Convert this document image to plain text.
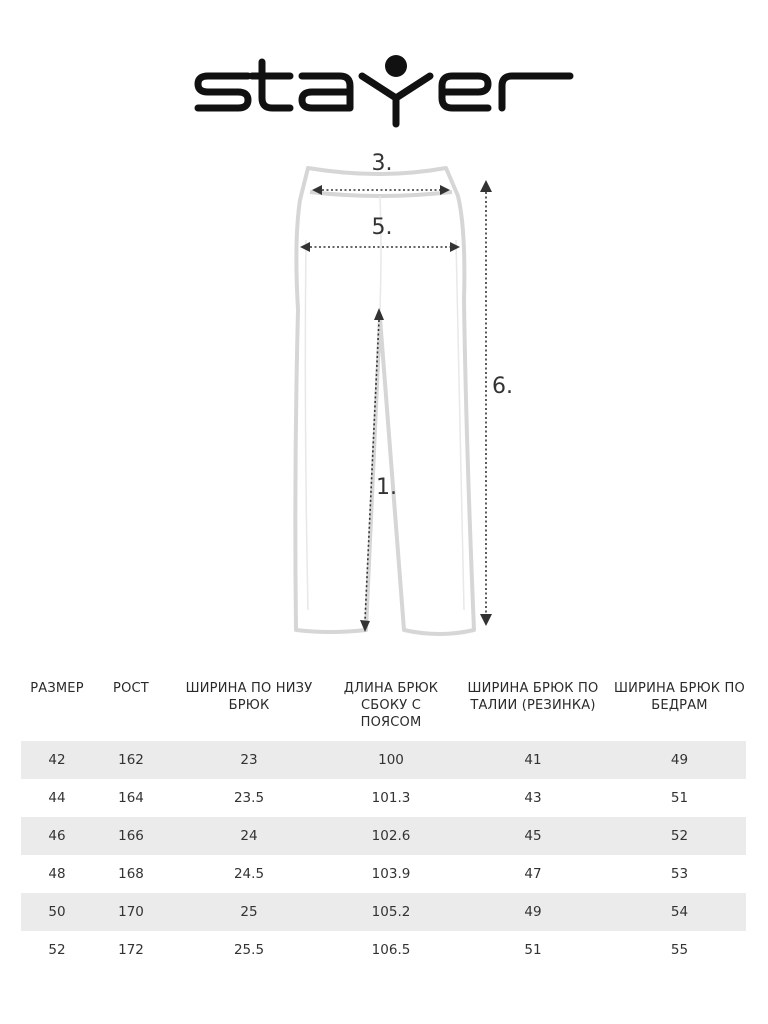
3.
5.
6.
1.
РАЗМЕР	РОСТ	ШИРИНА ПО НИЗУ БРЮК	ДЛИНА БРЮК СБОКУ С ПОЯСОМ	ШИРИНА БРЮК ПО ТАЛИИ (РЕЗИНКА)	ШИРИНА БРЮК ПО БЕДРАМ
42	162	23	100	41	49
44	164	23.5	101.3	43	51
46	166	24	102.6	45	52
48	168	24.5	103.9	47	53
50	170	25	105.2	49	54
52	172	25.5	106.5	51	55
